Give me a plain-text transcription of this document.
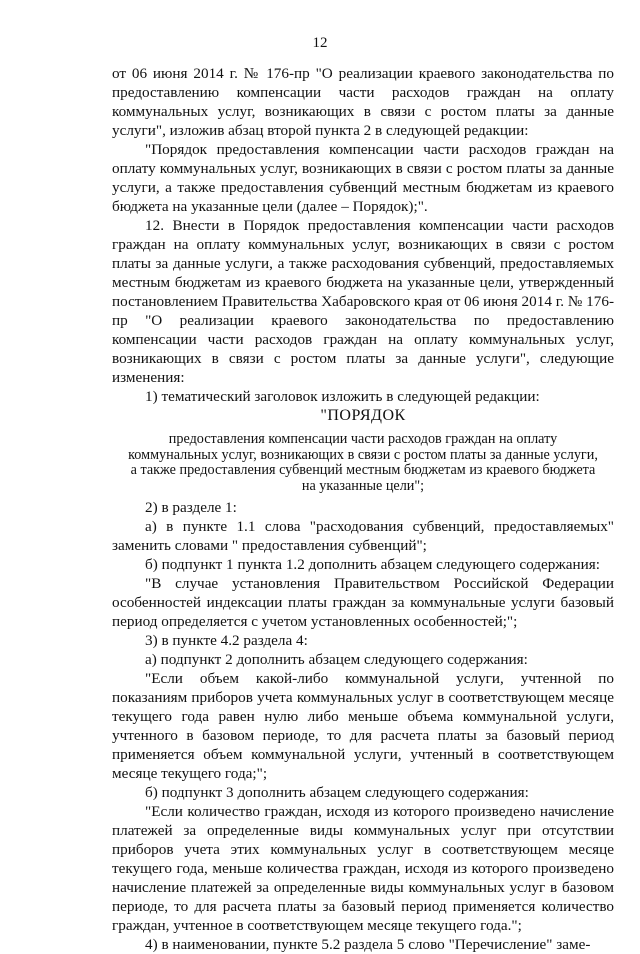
12

от 06 июня 2014 г. № 176-пр "О реализации краевого законодательства по предоставлению компенсации части расходов граждан на оплату коммунальных услуг, возникающих в связи с ростом платы за данные услуги", изложив абзац второй пункта 2 в следующей редакции:

"Порядок предоставления компенсации части расходов граждан на оплату коммунальных услуг, возникающих в связи с ростом платы за данные услуги, а также предоставления субвенций местным бюджетам из краевого бюджета на указанные цели (далее – Порядок);".

12. Внести в Порядок предоставления компенсации части расходов граждан на оплату коммунальных услуг, возникающих в связи с ростом платы за данные услуги, а также расходования субвенций, предоставляемых местным бюджетам из краевого бюджета на указанные цели, утвержденный постановлением Правительства Хабаровского края от 06 июня 2014 г. № 176-пр "О реализации краевого законодательства по предоставлению компенсации части расходов граждан на оплату коммунальных услуг, возникающих в связи с ростом платы за данные услуги", следующие изменения:

1) тематический заголовок изложить в следующей редакции:

"ПОРЯДОК

предоставления компенсации части расходов граждан на оплату
коммунальных услуг, возникающих в связи с ростом платы за данные услуги,
а также предоставления субвенций местным бюджетам из краевого бюджета
на указанные цели";

2) в разделе 1:

а) в пункте 1.1 слова "расходования субвенций, предоставляемых" заменить словами " предоставления субвенций";

б) подпункт 1 пункта 1.2 дополнить абзацем следующего содержания:

"В случае установления Правительством Российской Федерации особенностей индексации платы граждан за коммунальные услуги базовый период определяется с учетом установленных особенностей;";

3) в пункте 4.2 раздела 4:

а) подпункт 2 дополнить абзацем следующего содержания:

"Если объем какой-либо коммунальной услуги, учтенной по показаниям приборов учета коммунальных услуг в соответствующем месяце текущего года равен нулю либо меньше объема коммунальной услуги, учтенного в базовом периоде, то для расчета платы за базовый период применяется объем коммунальной услуги, учтенный в соответствующем месяце текущего года;";

б) подпункт 3 дополнить абзацем следующего содержания:

"Если количество граждан, исходя из которого произведено начисление платежей за определенные виды коммунальных услуг при отсутствии приборов учета этих коммунальных услуг в соответствующем месяце текущего года, меньше количества граждан, исходя из которого произведено начисление платежей за определенные виды коммунальных услуг в базовом периоде, то для расчета платы за базовый период применяется количество граждан, учтенное в соответствующем месяце текущего года.";

4) в наименовании, пункте 5.2 раздела 5 слово "Перечисление" заме-
